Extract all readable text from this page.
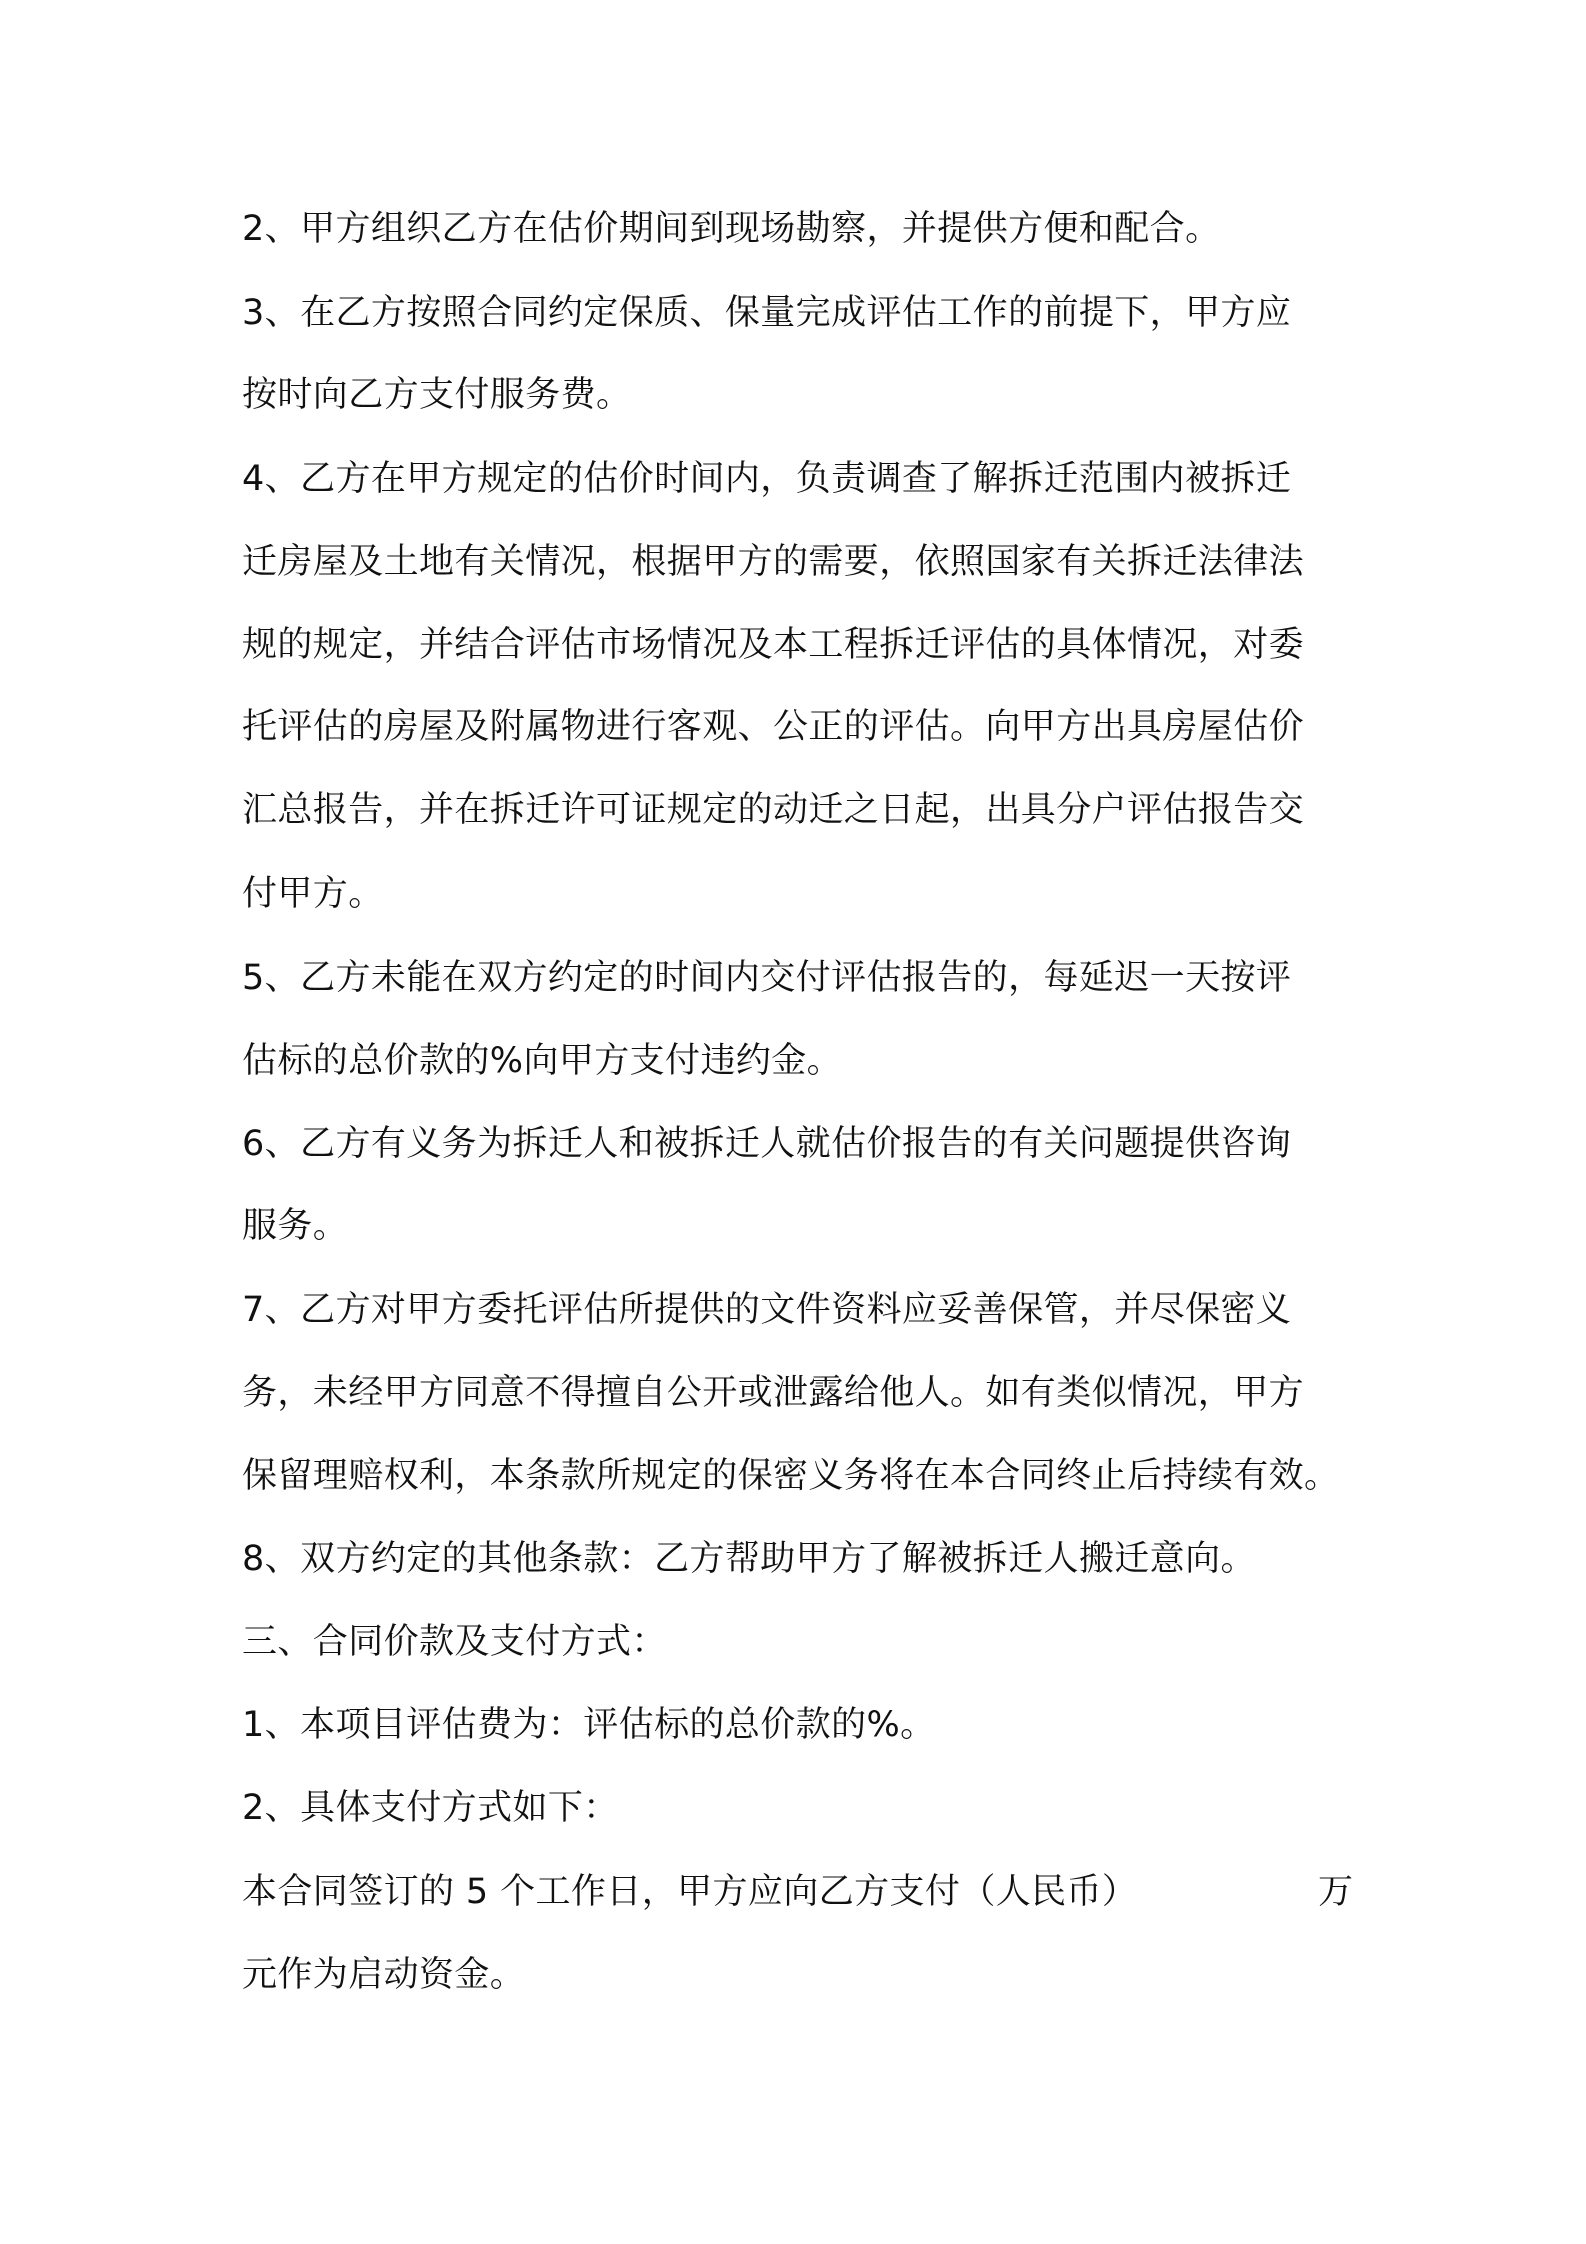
2、甲方组织乙方在估价期间到现场勘察，并提供方便和配合。
3、在乙方按照合同约定保质、保量完成评估工作的前提下，甲方应
按时向乙方支付服务费。
4、乙方在甲方规定的估价时间内，负责调查了解拆迁范围内被拆迁
迁房屋及土地有关情况，根据甲方的需要，依照国家有关拆迁法律法
规的规定，并结合评估市场情况及本工程拆迁评估的具体情况，对委
托评估的房屋及附属物进行客观、公正的评估。向甲方出具房屋估价
汇总报告，并在拆迁许可证规定的动迁之日起，出具分户评估报告交
付甲方。
5、乙方未能在双方约定的时间内交付评估报告的，每延迟一天按评
估标的总价款的%向甲方支付违约金。
6、乙方有义务为拆迁人和被拆迁人就估价报告的有关问题提供咨询
服务。
7、乙方对甲方委托评估所提供的文件资料应妥善保管，并尽保密义
务，未经甲方同意不得擅自公开或泄露给他人。如有类似情况，甲方
保留理赔权利，本条款所规定的保密义务将在本合同终止后持续有效。
8、双方约定的其他条款：乙方帮助甲方了解被拆迁人搬迁意向。
三、合同价款及支付方式：
1、本项目评估费为：评估标的总价款的%。
2、具体支付方式如下：
本合同签订的 5 个工作日，甲方应向乙方支付（人民币）	万
元作为启动资金。
